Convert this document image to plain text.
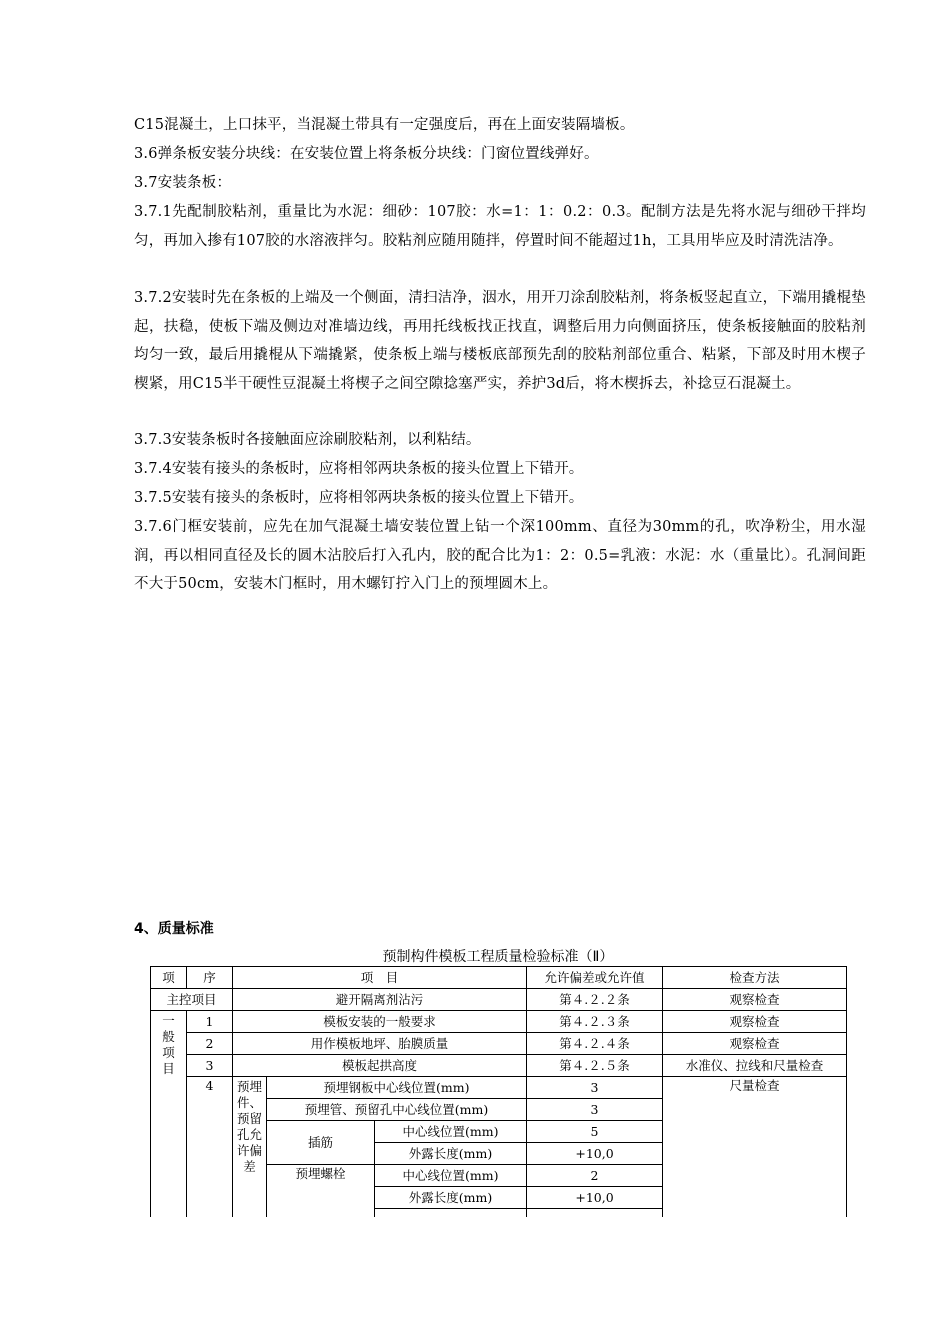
C15混凝土，上口抹平，当混凝土带具有一定强度后，再在上面安装隔墙板。

3.6弹条板安装分块线：在安装位置上将条板分块线：门窗位置线弹好。

3.7安装条板：

3.7.1先配制胶粘剂，重量比为水泥：细砂：107胶：水=1：1：0.2：0.3。配制方法是先将水泥与细砂干拌均匀，再加入掺有107胶的水溶液拌匀。胶粘剂应随用随拌，停置时间不能超过1h，工具用毕应及时清洗洁净。

3.7.2安装时先在条板的上端及一个侧面，清扫洁净，洇水，用开刀涂刮胶粘剂，将条板竖起直立，下端用撬棍垫起，扶稳，使板下端及侧边对准墙边线，再用托线板找正找直，调整后用力向侧面挤压，使条板接触面的胶粘剂均匀一致，最后用撬棍从下端撬紧，使条板上端与楼板底部预先刮的胶粘剂部位重合、粘紧，下部及时用木楔子楔紧，用C15半干硬性豆混凝土将楔子之间空隙捻塞严实，养护3d后，将木楔拆去，补捻豆石混凝土。

3.7.3安装条板时各接触面应涂刷胶粘剂，以利粘结。

3.7.4安装有接头的条板时，应将相邻两块条板的接头位置上下错开。

3.7.5安装有接头的条板时，应将相邻两块条板的接头位置上下错开。

3.7.6门框安装前，应先在加气混凝土墙安装位置上钻一个深100mm、直径为30mm的孔，吹净粉尘，用水湿润，再以相同直径及长的圆木沾胶后打入孔内，胶的配合比为1：2：0.5=乳液：水泥：水（重量比）。孔洞间距不大于50cm，安装木门框时，用木螺钉拧入门上的预埋圆木上。

4、质量标准

预制构件模板工程质量检验标准（Ⅱ）

项	序	项　目			允许偏差或允许值	检查方法
主控项目		避开隔离剂沾污			第４.２.２条	观察检查

一般项目	1	模板安装的一般要求			第４.２.３条	观察检查
	2	用作模板地坪、胎膜质量			第４.２.４条	观察检查
	3	模板起拱高度			第４.２.５条	水准仪、拉线和尺量检查
	4	预埋件、预留孔允许偏差	预埋钢板中心线位置(mm)		3	尺量检查
			预埋管、预留孔中心线位置(mm)		3	
			插筋	中心线位置(mm)	5	
				外露长度(mm)	+10,0	
			预埋螺栓	中心线位置(mm)	2	
				外露长度(mm)	+10,0	
